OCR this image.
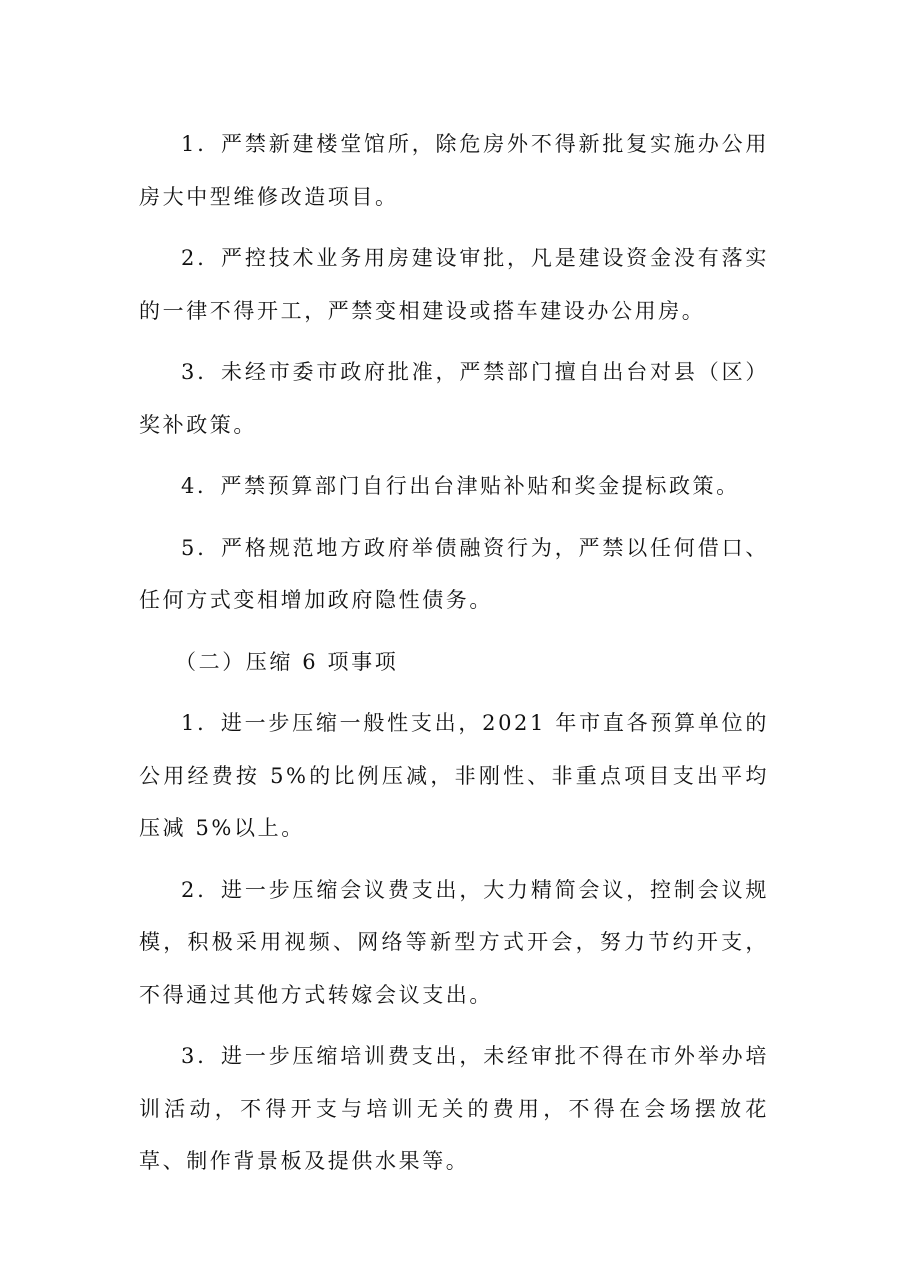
1．严禁新建楼堂馆所，除危房外不得新批复实施办公用房大中型维修改造项目。

2．严控技术业务用房建设审批，凡是建设资金没有落实的一律不得开工，严禁变相建设或搭车建设办公用房。

3．未经市委市政府批准，严禁部门擅自出台对县（区）奖补政策。

4．严禁预算部门自行出台津贴补贴和奖金提标政策。

5．严格规范地方政府举债融资行为，严禁以任何借口、任何方式变相增加政府隐性债务。

（二）压缩 6 项事项

1．进一步压缩一般性支出，2021 年市直各预算单位的公用经费按 5%的比例压减，非刚性、非重点项目支出平均压减 5%以上。

2．进一步压缩会议费支出，大力精简会议，控制会议规模，积极采用视频、网络等新型方式开会，努力节约开支，不得通过其他方式转嫁会议支出。

3．进一步压缩培训费支出，未经审批不得在市外举办培训活动，不得开支与培训无关的费用，不得在会场摆放花草、制作背景板及提供水果等。
